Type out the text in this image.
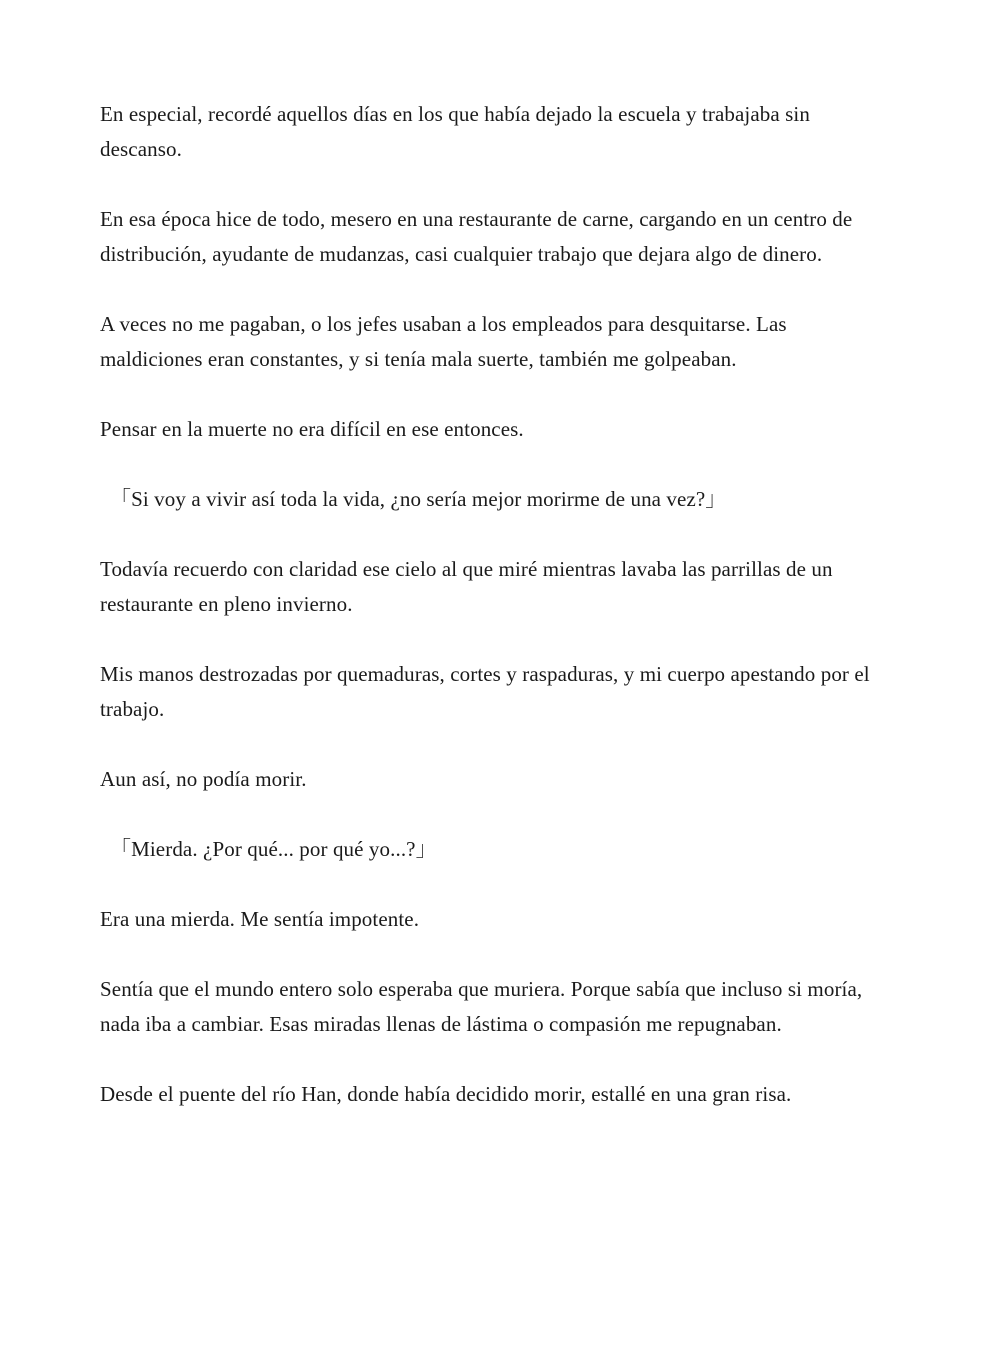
En especial, recordé aquellos días en los que había dejado la escuela y trabajaba sin descanso.

En esa época hice de todo, mesero en una restaurante de carne, cargando en un centro de distribución, ayudante de mudanzas, casi cualquier trabajo que dejara algo de dinero.

A veces no me pagaban, o los jefes usaban a los empleados para desquitarse. Las maldiciones eran constantes, y si tenía mala suerte, también me golpeaban.

Pensar en la muerte no era difícil en ese entonces.

「Si voy a vivir así toda la vida, ¿no sería mejor morirme de una vez?」

Todavía recuerdo con claridad ese cielo al que miré mientras lavaba las parrillas de un restaurante en pleno invierno.

Mis manos destrozadas por quemaduras, cortes y raspaduras, y mi cuerpo apestando por el trabajo.

Aun así, no podía morir.

「Mierda. ¿Por qué... por qué yo...?」

Era una mierda. Me sentía impotente.

Sentía que el mundo entero solo esperaba que muriera. Porque sabía que incluso si moría, nada iba a cambiar. Esas miradas llenas de lástima o compasión me repugnaban.

Desde el puente del río Han, donde había decidido morir, estallé en una gran risa.
